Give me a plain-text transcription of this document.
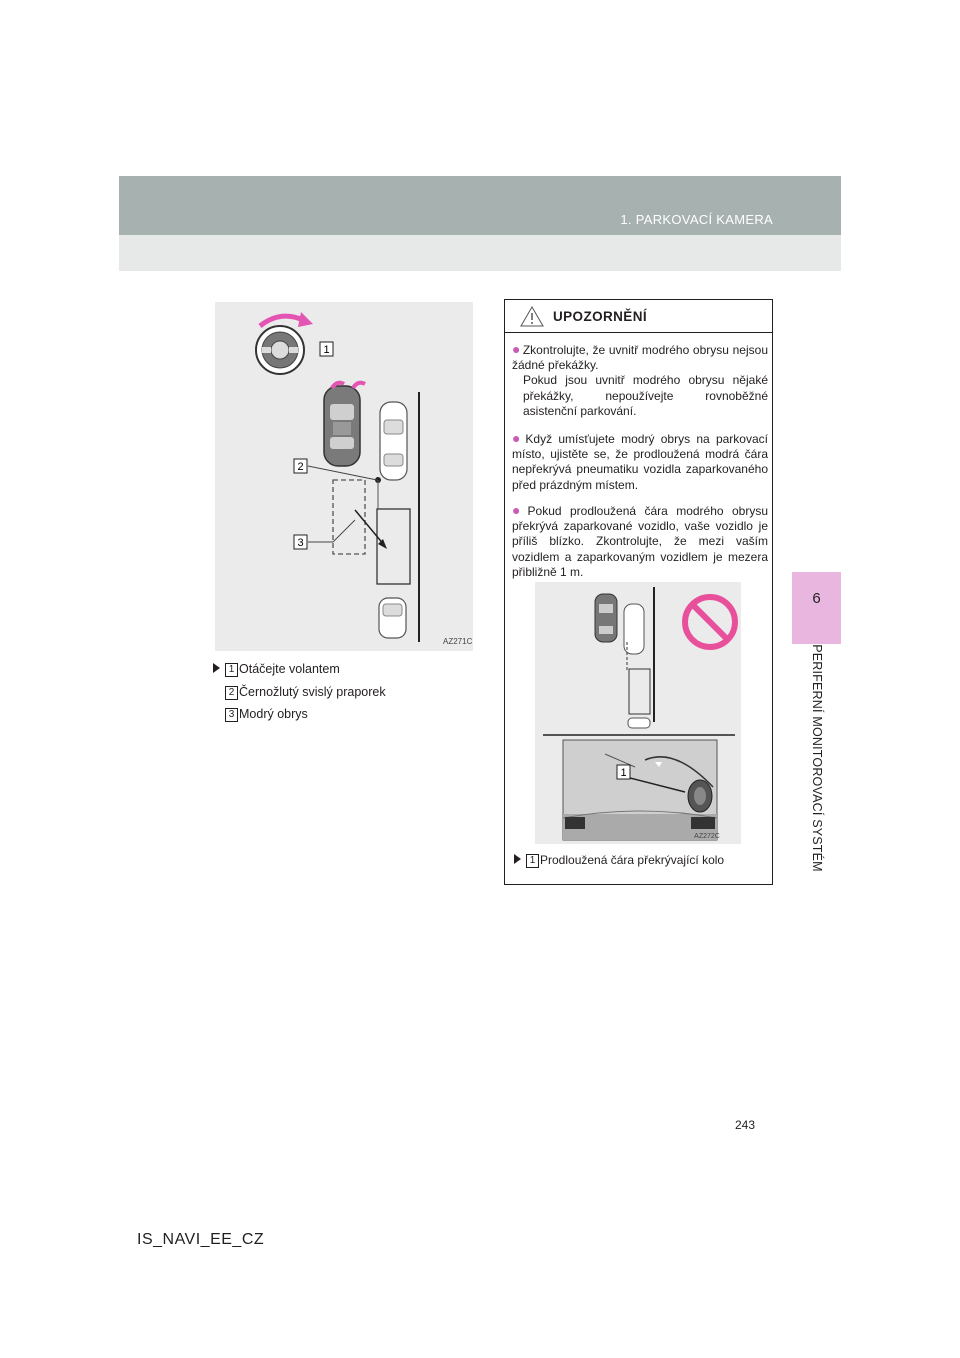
1. PARKOVACÍ KAMERA
6
PERIFERNÍ MONITOROVACÍ SYSTÉM
1
2
3
AZ271C
1 Otáčejte volantem
2 Černožlutý svislý praporek
3 Modrý obrys
UPOZORNĚNÍ
● Zkontrolujte, že uvnitř modrého obrysu nejsou žádné překážky.
Pokud jsou uvnitř modrého obrysu nějaké překážky, nepoužívejte rovnoběžné asistenční parkování.
● Když umísťujete modrý obrys na parkovací místo, ujistěte se, že prodloužená modrá čára nepřekrývá pneumatiku vozidla zaparkovaného před prázdným místem.
● Pokud prodloužená čára modrého obrysu překrývá zaparkované vozidlo, vaše vozidlo je příliš blízko. Zkontrolujte, že mezi vaším vozidlem a zaparkovaným vozidlem je mezera přibližně 1 m.
1
AZ272C
1 Prodloužená čára překrývající kolo
243
IS_NAVI_EE_CZ
